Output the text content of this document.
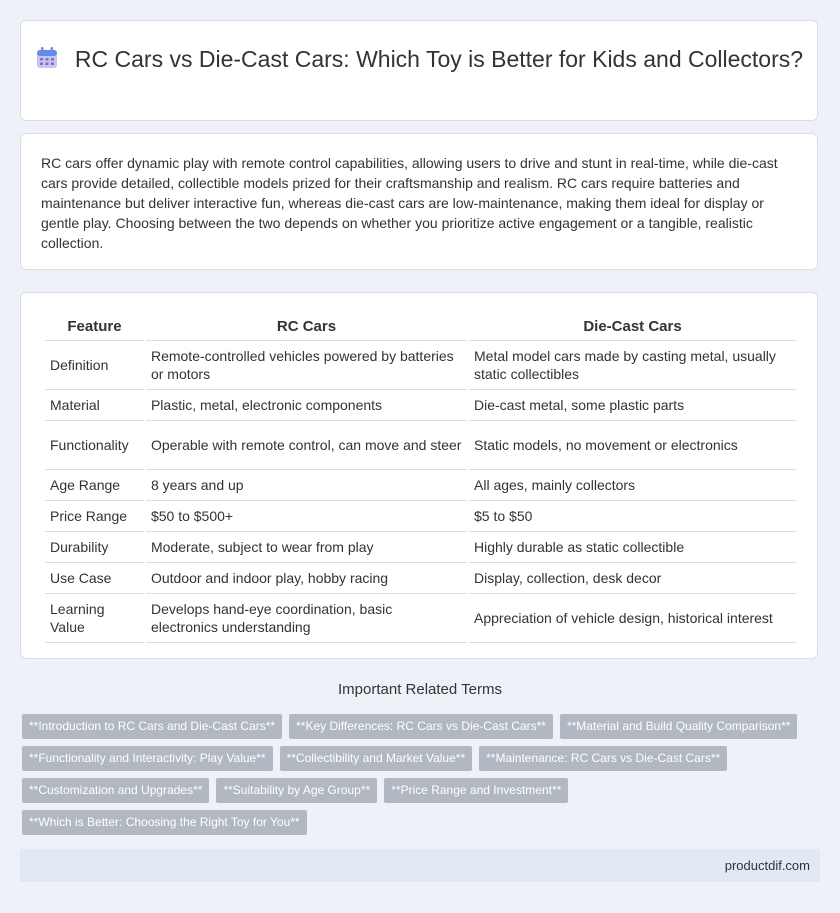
RC Cars vs Die-Cast Cars: Which Toy is Better for Kids and Collectors?

RC cars offer dynamic play with remote control capabilities, allowing users to drive and stunt in real-time, while die-cast cars provide detailed, collectible models prized for their craftsmanship and realism. RC cars require batteries and maintenance but deliver interactive fun, whereas die-cast cars are low-maintenance, making them ideal for display or gentle play. Choosing between the two depends on whether you prioritize active engagement or a tangible, realistic collection.

Feature	RC Cars	Die-Cast Cars
Definition	Remote-controlled vehicles powered by batteries or motors	Metal model cars made by casting metal, usually static collectibles
Material	Plastic, metal, electronic components	Die-cast metal, some plastic parts
Functionality	Operable with remote control, can move and steer	Static models, no movement or electronics
Age Range	8 years and up	All ages, mainly collectors
Price Range	$50 to $500+	$5 to $50
Durability	Moderate, subject to wear from play	Highly durable as static collectible
Use Case	Outdoor and indoor play, hobby racing	Display, collection, desk decor
Learning Value	Develops hand-eye coordination, basic electronics understanding	Appreciation of vehicle design, historical interest
Important Related Terms
**Introduction to RC Cars and Die-Cast Cars**	**Key Differences: RC Cars vs Die-Cast Cars**	**Material and Build Quality Comparison**
**Functionality and Interactivity: Play Value**	**Collectibility and Market Value**	**Maintenance: RC Cars vs Die-Cast Cars**
**Customization and Upgrades**	**Suitability by Age Group**	**Price Range and Investment**
**Which is Better: Choosing the Right Toy for You**
productdif.com
